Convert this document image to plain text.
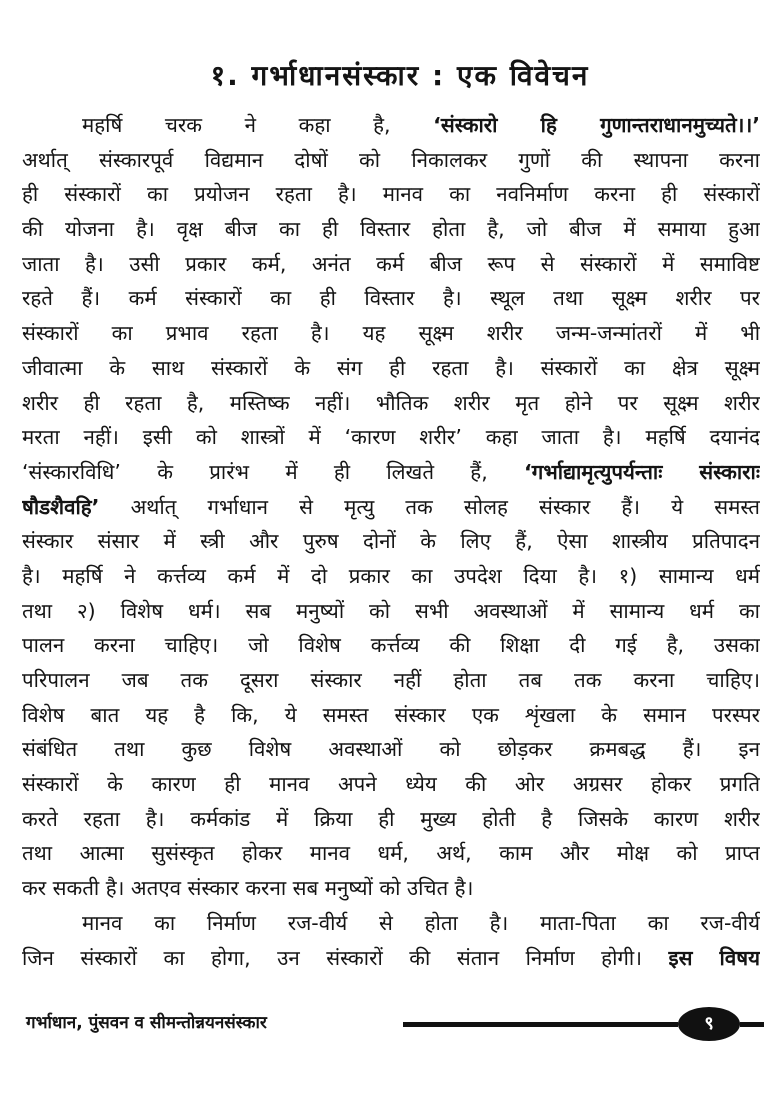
१. गर्भाधानसंस्कार : एक विवेचन
महर्षि चरक ने कहा है, ‘संस्कारो हि गुणान्तराधानमुच्यते।।’
अर्थात् संस्कारपूर्व विद्यमान दोषों को निकालकर गुणों की स्थापना करना
ही संस्कारों का प्रयोजन रहता है। मानव का नवनिर्माण करना ही संस्कारों
की योजना है। वृक्ष बीज का ही विस्तार होता है, जो बीज में समाया हुआ
जाता है। उसी प्रकार कर्म, अनंत कर्म बीज रूप से संस्कारों में समाविष्ट
रहते हैं। कर्म संस्कारों का ही विस्तार है। स्थूल तथा सूक्ष्म शरीर पर
संस्कारों का प्रभाव रहता है। यह सूक्ष्म शरीर जन्म-जन्मांतरों में भी
जीवात्मा के साथ संस्कारों के संग ही रहता है। संस्कारों का क्षेत्र सूक्ष्म
शरीर ही रहता है, मस्तिष्क नहीं। भौतिक शरीर मृत होने पर सूक्ष्म शरीर
मरता नहीं। इसी को शास्त्रों में ‘कारण शरीर’ कहा जाता है। महर्षि दयानंद
‘संस्कारविधि’ के प्रारंभ में ही लिखते हैं, ‘गर्भाद्यामृत्युपर्यन्ताः संस्काराः
षौडशैवहि’ अर्थात् गर्भाधान से मृत्यु तक सोलह संस्कार हैं। ये समस्त
संस्कार संसार में स्त्री और पुरुष दोनों के लिए हैं, ऐसा शास्त्रीय प्रतिपादन
है। महर्षि ने कर्त्तव्य कर्म में दो प्रकार का उपदेश दिया है। १) सामान्य धर्म
तथा २) विशेष धर्म। सब मनुष्यों को सभी अवस्थाओं में सामान्य धर्म का
पालन करना चाहिए। जो विशेष कर्त्तव्य की शिक्षा दी गई है, उसका
परिपालन जब तक दूसरा संस्कार नहीं होता तब तक करना चाहिए।
विशेष बात यह है कि, ये समस्त संस्कार एक शृंखला के समान परस्पर
संबंधित तथा कुछ विशेष अवस्थाओं को छोड़कर क्रमबद्ध हैं। इन
संस्कारों के कारण ही मानव अपने ध्येय की ओर अग्रसर होकर प्रगति
करते रहता है। कर्मकांड में क्रिया ही मुख्य होती है जिसके कारण शरीर
तथा आत्मा सुसंस्कृत होकर मानव धर्म, अर्थ, काम और मोक्ष को प्राप्त
कर सकती है। अतएव संस्कार करना सब मनुष्यों को उचित है।
मानव का निर्माण रज-वीर्य से होता है। माता-पिता का रज-वीर्य
जिन संस्कारों का होगा, उन संस्कारों की संतान निर्माण होगी। इस विषय
गर्भाधान, पुंसवन व सीमन्तोन्नयनसंस्कार	९
